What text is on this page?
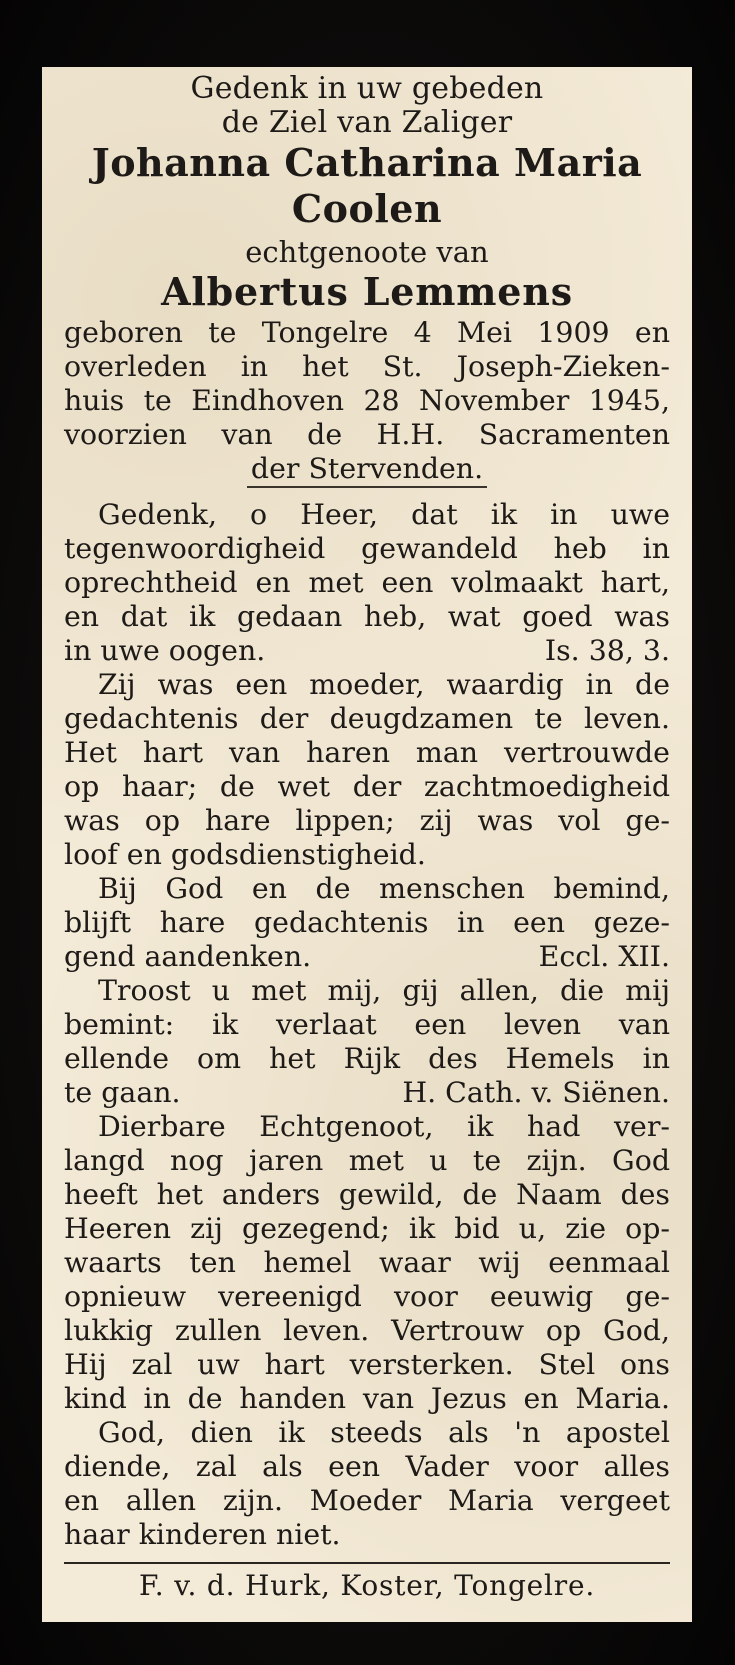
Gedenk in uw gebeden
de Ziel van Zaliger
Johanna Catharina Maria
Coolen
echtgenoote van
Albertus Lemmens
geboren te Tongelre 4 Mei 1909 en
overleden in het St. Joseph-Zieken-
huis te Eindhoven 28 November 1945,
voorzien van de H.H. Sacramenten
der Stervenden.
Gedenk, o Heer, dat ik in uwe
tegenwoordigheid gewandeld heb in
oprechtheid en met een volmaakt hart,
en dat ik gedaan heb, wat goed was
in uwe oogen.	Is. 38, 3.
Zij was een moeder, waardig in de
gedachtenis der deugdzamen te leven.
Het hart van haren man vertrouwde
op haar; de wet der zachtmoedigheid
was op hare lippen; zij was vol ge-
loof en godsdienstigheid.
Bij God en de menschen bemind,
blijft hare gedachtenis in een geze-
gend aandenken.	Eccl. XII.
Troost u met mij, gij allen, die mij
bemint: ik verlaat een leven van
ellende om het Rijk des Hemels in
te gaan.	H. Cath. v. Siënen.
Dierbare Echtgenoot, ik had ver-
langd nog jaren met u te zijn. God
heeft het anders gewild, de Naam des
Heeren zij gezegend; ik bid u, zie op-
waarts ten hemel waar wij eenmaal
opnieuw vereenigd voor eeuwig ge-
lukkig zullen leven. Vertrouw op God,
Hij zal uw hart versterken. Stel ons
kind in de handen van Jezus en Maria.
God, dien ik steeds als 'n apostel
diende, zal als een Vader voor alles
en allen zijn. Moeder Maria vergeet
haar kinderen niet.
F. v. d. Hurk, Koster, Tongelre.
